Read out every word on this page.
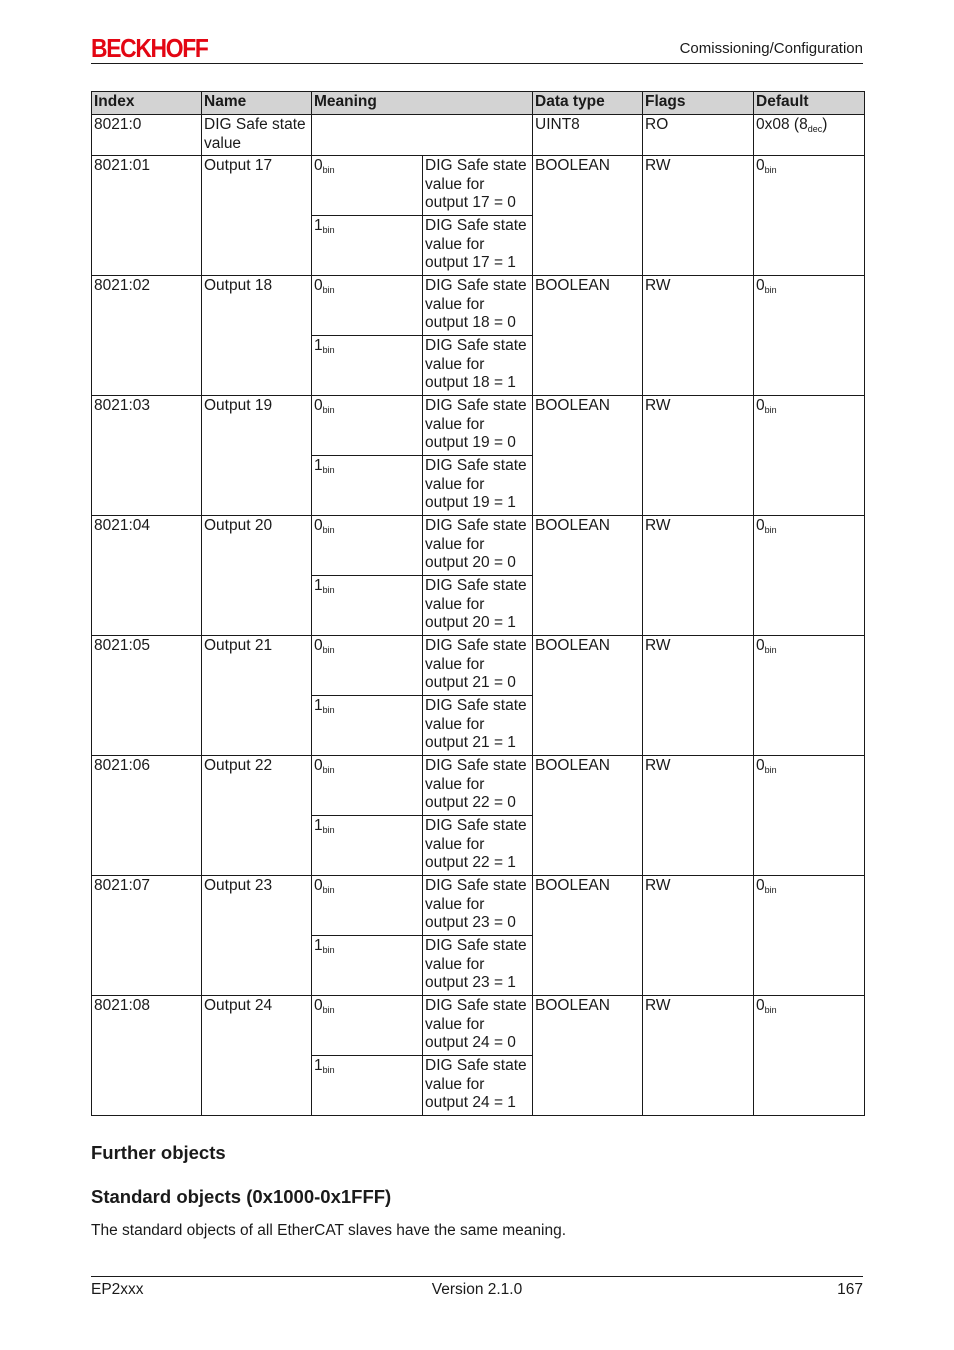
BECKHOFF	Comissioning/Configuration
Index	Name	Meaning		Data type	Flags	Default
8021:0	DIG Safe state value			UINT8	RO	0x08 $(8_{dec})$
8021:01	Output 17	$0_{bin}$	DIG Safe state value for output 17 = 0	BOOLEAN	RW	$0_{bin}$
		$1_{bin}$	DIG Safe state value for output 17 = 1			
8021:02	Output 18	$0_{bin}$	DIG Safe state value for output 18 = 0	BOOLEAN	RW	$0_{bin}$
		$1_{bin}$	DIG Safe state value for output 18 = 1			
8021:03	Output 19	$0_{bin}$	DIG Safe state value for output 19 = 0	BOOLEAN	RW	$0_{bin}$
		$1_{bin}$	DIG Safe state value for output 19 = 1			
8021:04	Output 20	$0_{bin}$	DIG Safe state value for output 20 = 0	BOOLEAN	RW	$0_{bin}$
		$1_{bin}$	DIG Safe state value for output 20 = 1			
8021:05	Output 21	$0_{bin}$	DIG Safe state value for output 21 = 0	BOOLEAN	RW	$0_{bin}$
		$1_{bin}$	DIG Safe state value for output 21 = 1			
8021:06	Output 22	$0_{bin}$	DIG Safe state value for output 22 = 0	BOOLEAN	RW	$0_{bin}$
		$1_{bin}$	DIG Safe state value for output 22 = 1			
8021:07	Output 23	$0_{bin}$	DIG Safe state value for output 23 = 0	BOOLEAN	RW	$0_{bin}$
		$1_{bin}$	DIG Safe state value for output 23 = 1			
8021:08	Output 24	$0_{bin}$	DIG Safe state value for output 24 = 0	BOOLEAN	RW	$0_{bin}$
		$1_{bin}$	DIG Safe state value for output 24 = 1			
Further objects
Standard objects (0x1000-0x1FFF)
The standard objects of all EtherCAT slaves have the same meaning.
EP2xxx	Version 2.1.0	167
